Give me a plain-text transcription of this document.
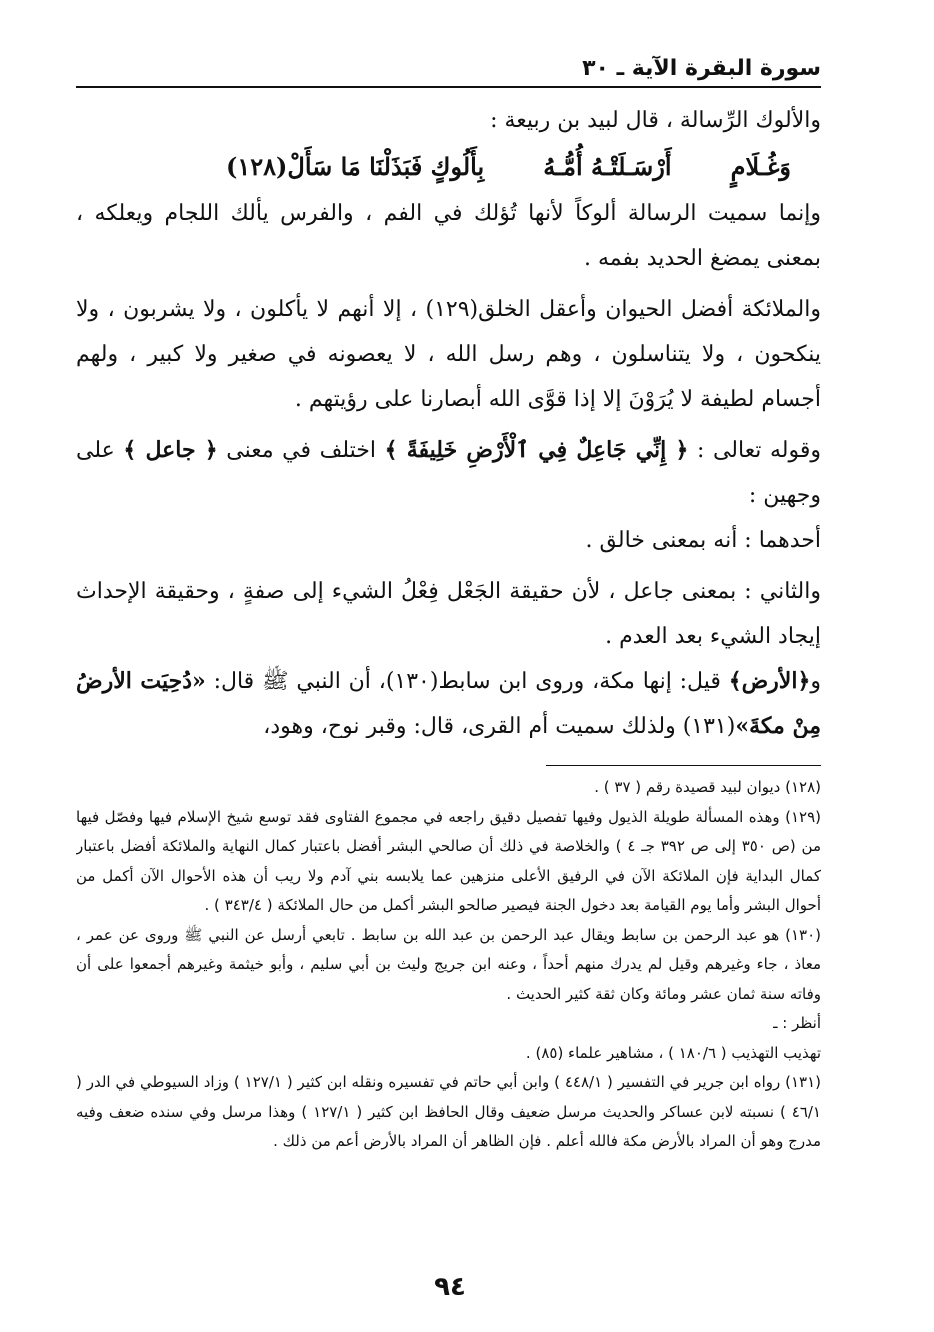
سورة البقرة الآية ـ ٣٠

والألوك الرِّسالة ، قال لبيد بن ربيعة :

وَغُـلَامٍ
أَرْسَـلَتْـهُ أُمُّـهُ
بِأَلُوكٍ فَبَذَلْنَا مَا سَأَلْ(١٢٨)

وإنما سميت الرسالة ألوكاً لأنها تُؤلك في الفم ، والفرس يألك اللجام ويعلكه ، بمعنى يمضغ الحديد بفمه .

والملائكة أفضل الحيوان وأعقل الخلق(١٢٩) ، إلا أنهم لا يأكلون ، ولا يشربون ، ولا ينكحون ، ولا يتناسلون ، وهم رسل الله ، لا يعصونه في صغير ولا كبير ، ولهم أجسام لطيفة لا يُرَوْنَ إلا إذا قوَّى الله أبصارنا على رؤيتهم .

وقوله تعالى : ﴿ إِنِّي جَاعِلٌ فِي ٱلْأَرْضِ خَلِيفَةً ﴾ اختلف في معنى ﴿ جاعل ﴾ على وجهين :

أحدهما : أنه بمعنى خالق .

والثاني : بمعنى جاعل ، لأن حقيقة الجَعْل فِعْلُ الشيء إلى صفةٍ ، وحقيقة الإحداث إيجاد الشيء بعد العدم .

و﴿الأرض﴾ قيل: إنها مكة، وروى ابن سابط(١٣٠)، أن النبي ﷺ قال: «دُحِيَت الأرضُ مِنْ مكةَ»(١٣١) ولذلك سميت أم القرى، قال: وقبر نوح، وهود،

(١٢٨) ديوان لبيد قصيدة رقم ( ٣٧ ) .

(١٢٩) وهذه المسألة طويلة الذيول وفيها تفصيل دقيق راجعه في مجموع الفتاوى فقد توسع شيخ الإسلام فيها وفصّل فيها من (ص ٣٥٠ إلى ص ٣٩٢ جـ ٤ ) والخلاصة في ذلك أن صالحي البشر أفضل باعتبار كمال النهاية والملائكة أفضل باعتبار كمال البداية فإن الملائكة الآن في الرفيق الأعلى منزهين عما يلابسه بني آدم ولا ريب أن هذه الأحوال الآن أكمل من أحوال البشر وأما يوم القيامة بعد دخول الجنة فيصير صالحو البشر أكمل من حال الملائكة ( ٣٤٣/٤ ) .

(١٣٠) هو عبد الرحمن بن سابط ويقال عبد الرحمن بن عبد الله بن سابط . تابعي أرسل عن النبي ﷺ وروى عن عمر ، معاذ ، جاء وغيرهم وقيل لم يدرك منهم أحداً ، وعنه ابن جريج وليث بن أبي سليم ، وأبو خيثمة وغيرهم أجمعوا على أن وفاته سنة ثمان عشر ومائة وكان ثقة كثير الحديث .

أنظر : ـ

تهذيب التهذيب ( ١٨٠/٦ ) ، مشاهير علماء (٨٥) .

(١٣١) رواه ابن جرير في التفسير ( ٤٤٨/١ ) وابن أبي حاتم في تفسيره ونقله ابن كثير ( ١٢٧/١ ) وزاد السيوطي في الدر ( ٤٦/١ ) نسبته لابن عساكر والحديث مرسل ضعيف وقال الحافظ ابن كثير ( ١٢٧/١ ) وهذا مرسل وفي سنده ضعف وفيه مدرج وهو أن المراد بالأرض مكة فالله أعلم . فإن الظاهر أن المراد بالأرض أعم من ذلك .

٩٤
